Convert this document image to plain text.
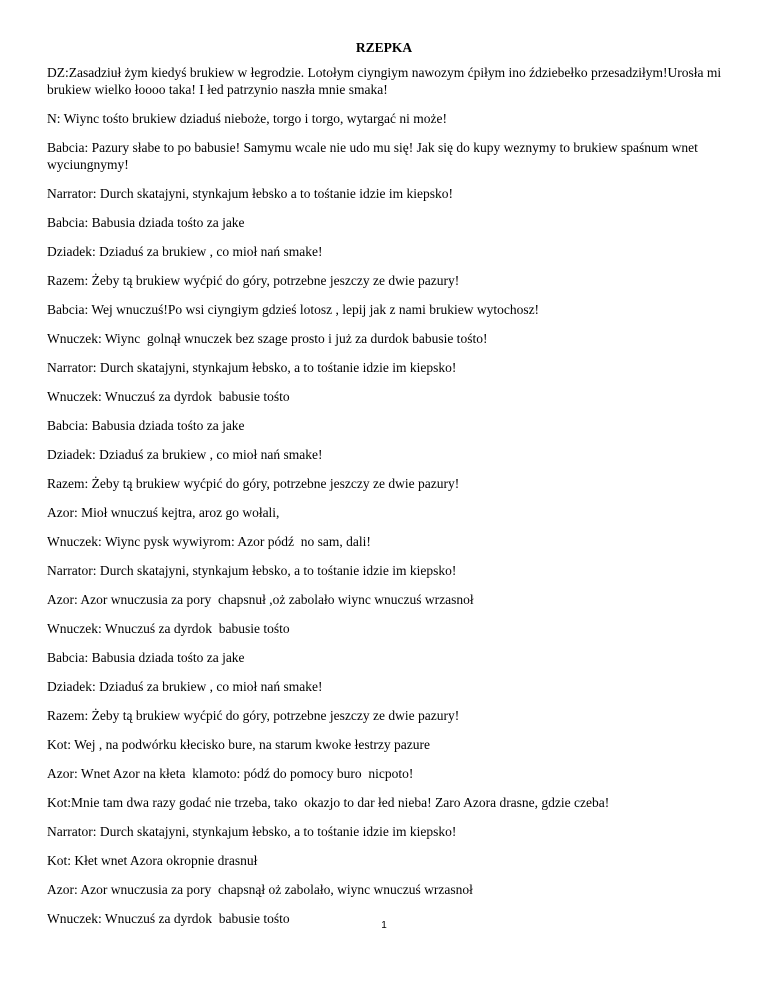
RZEPKA

DZ:Zasadziuł żym kiedyś brukiew w łegrodzie. Lotołym ciyngiym nawozym ćpiłym ino ździebełko przesadziłym!Urosła mi brukiew wielko łoooo taka! I łed patrzynio naszła mnie smaka!

N: Wiync tośto brukiew dziaduś nieboże, torgo i torgo, wytargać ni może!

Babcia: Pazury słabe to po babusie! Samymu wcale nie udo mu się! Jak się do kupy weznymy to brukiew spaśnum wnet wyciungnymy!

Narrator: Durch skatajyni, stynkajum łebsko a to tośtanie idzie im kiepsko!

Babcia: Babusia dziada tośto za jake

Dziadek: Dziaduś za brukiew , co mioł nań smake!

Razem: Żeby tą brukiew wyćpić do góry, potrzebne jeszczy ze dwie pazury!

Babcia: Wej wnuczuś!Po wsi ciyngiym gdzieś lotosz , lepij jak z nami brukiew wytochosz!

Wnuczek: Wiync  golnął wnuczek bez szage prosto i już za durdok babusie tośto!

Narrator: Durch skatajyni, stynkajum łebsko, a to tośtanie idzie im kiepsko!

Wnuczek: Wnuczuś za dyrdok  babusie tośto

Babcia: Babusia dziada tośto za jake

Dziadek: Dziaduś za brukiew , co mioł nań smake!

Razem: Żeby tą brukiew wyćpić do góry, potrzebne jeszczy ze dwie pazury!

Azor: Mioł wnuczuś kejtra, aroz go wołali,

Wnuczek: Wiync pysk wywiyrom: Azor pódź  no sam, dali!

Narrator: Durch skatajyni, stynkajum łebsko, a to tośtanie idzie im kiepsko!

Azor: Azor wnuczusia za pory  chapsnuł ,oż zabolało wiync wnuczuś wrzasnoł

Wnuczek: Wnuczuś za dyrdok  babusie tośto

Babcia: Babusia dziada tośto za jake

Dziadek: Dziaduś za brukiew , co mioł nań smake!

Razem: Żeby tą brukiew wyćpić do góry, potrzebne jeszczy ze dwie pazury!

Kot: Wej , na podwórku kłecisko bure, na starum kwoke łestrzy pazure

Azor: Wnet Azor na kłeta  klamoto: pódź do pomocy buro  nicpoto!

Kot:Mnie tam dwa razy godać nie trzeba, tako  okazjo to dar łed nieba! Zaro Azora drasne, gdzie czeba!

Narrator: Durch skatajyni, stynkajum łebsko, a to tośtanie idzie im kiepsko!

Kot: Kłet wnet Azora okropnie drasnuł

Azor: Azor wnuczusia za pory  chapsnął oż zabolało, wiync wnuczuś wrzasnoł

Wnuczek: Wnuczuś za dyrdok  babusie tośto	1
